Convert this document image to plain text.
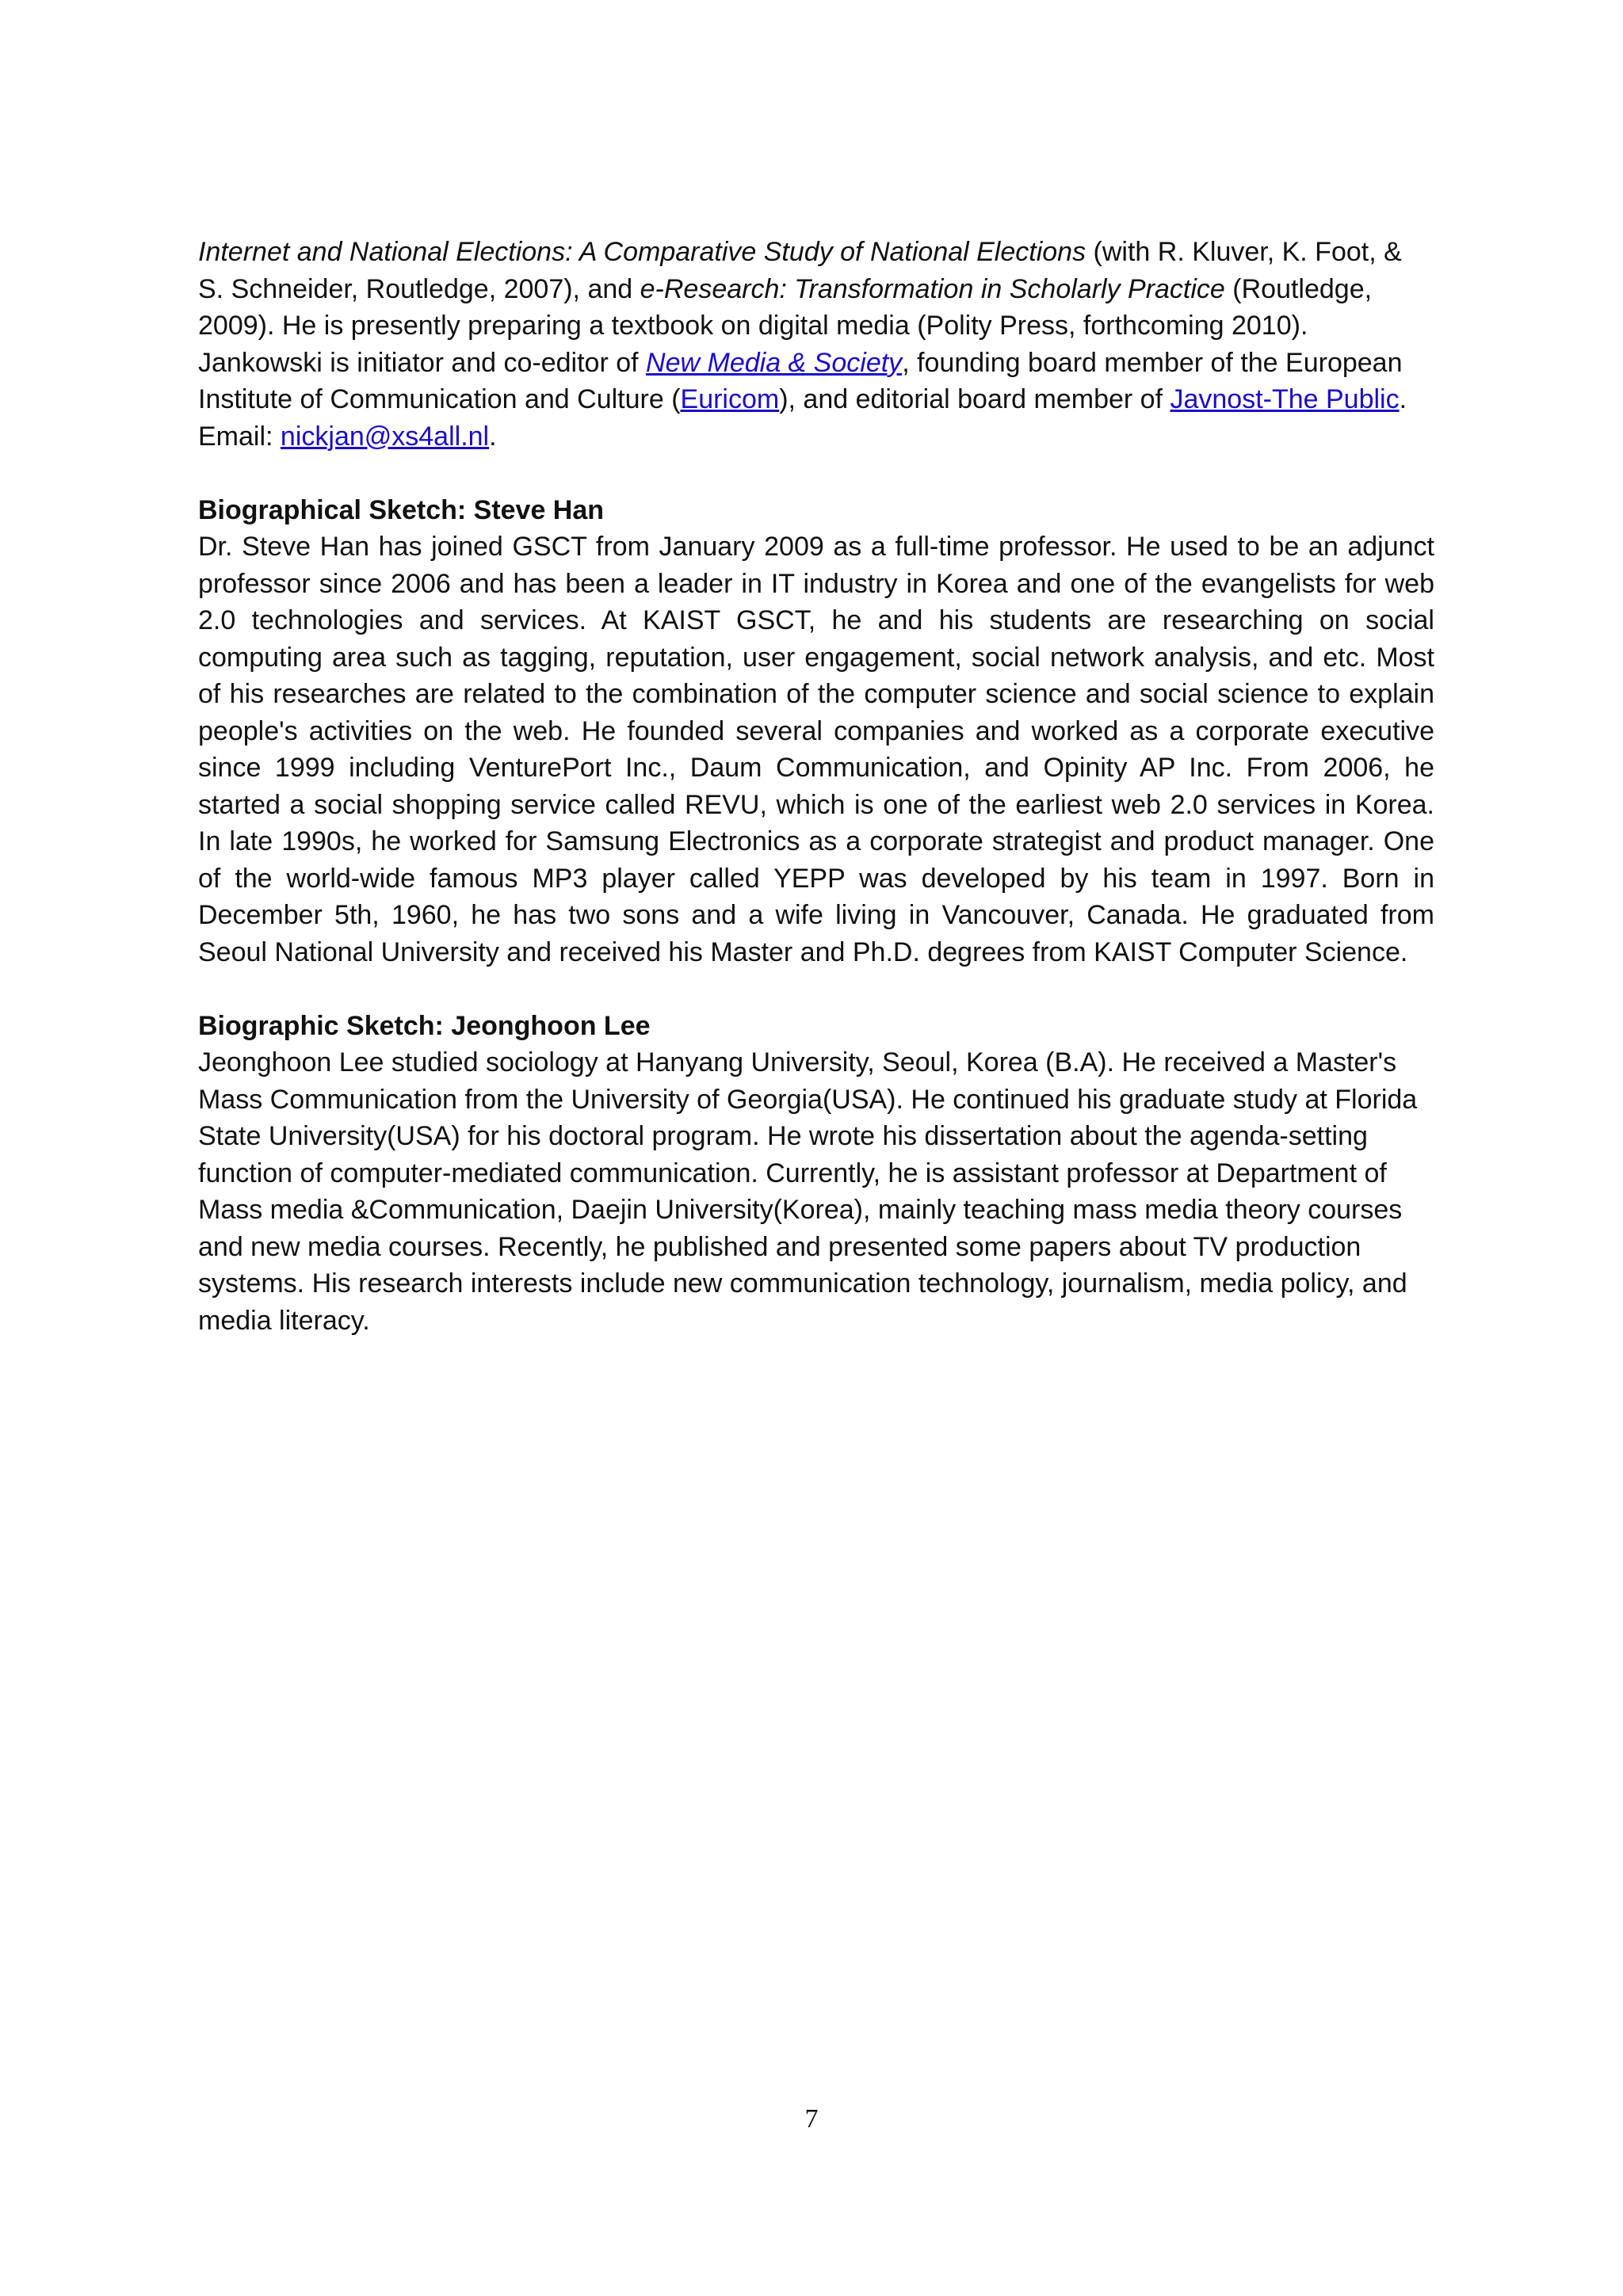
Internet and National Elections: A Comparative Study of National Elections (with R. Kluver, K. Foot, & S. Schneider, Routledge, 2007), and e-Research: Transformation in Scholarly Practice (Routledge, 2009). He is presently preparing a textbook on digital media (Polity Press, forthcoming 2010). Jankowski is initiator and co-editor of New Media & Society, founding board member of the European Institute of Communication and Culture (Euricom), and editorial board member of Javnost-The Public. Email: nickjan@xs4all.nl.

Biographical Sketch: Steve Han

Dr. Steve Han has joined GSCT from January 2009 as a full-time professor. He used to be an adjunct professor since 2006 and has been a leader in IT industry in Korea and one of the evangelists for web 2.0 technologies and services. At KAIST GSCT, he and his students are researching on social computing area such as tagging, reputation, user engagement, social network analysis, and etc. Most of his researches are related to the combination of the computer science and social science to explain people's activities on the web. He founded several companies and worked as a corporate executive since 1999 including VenturePort Inc., Daum Communication, and Opinity AP Inc. From 2006, he started a social shopping service called REVU, which is one of the earliest web 2.0 services in Korea. In late 1990s, he worked for Samsung Electronics as a corporate strategist and product manager. One of the world-wide famous MP3 player called YEPP was developed by his team in 1997. Born in December 5th, 1960, he has two sons and a wife living in Vancouver, Canada. He graduated from Seoul National University and received his Master and Ph.D. degrees from KAIST Computer Science.

Biographic Sketch: Jeonghoon Lee

Jeonghoon Lee studied sociology at Hanyang University, Seoul, Korea (B.A). He received a Master's Mass Communication from the University of Georgia(USA). He continued his graduate study at Florida State University(USA) for his doctoral program. He wrote his dissertation about the agenda-setting function of computer-mediated communication. Currently, he is assistant professor at Department of Mass media &Communication, Daejin University(Korea), mainly teaching mass media theory courses and new media courses. Recently, he published and presented some papers about TV production systems. His research interests include new communication technology, journalism, media policy, and media literacy.

7
